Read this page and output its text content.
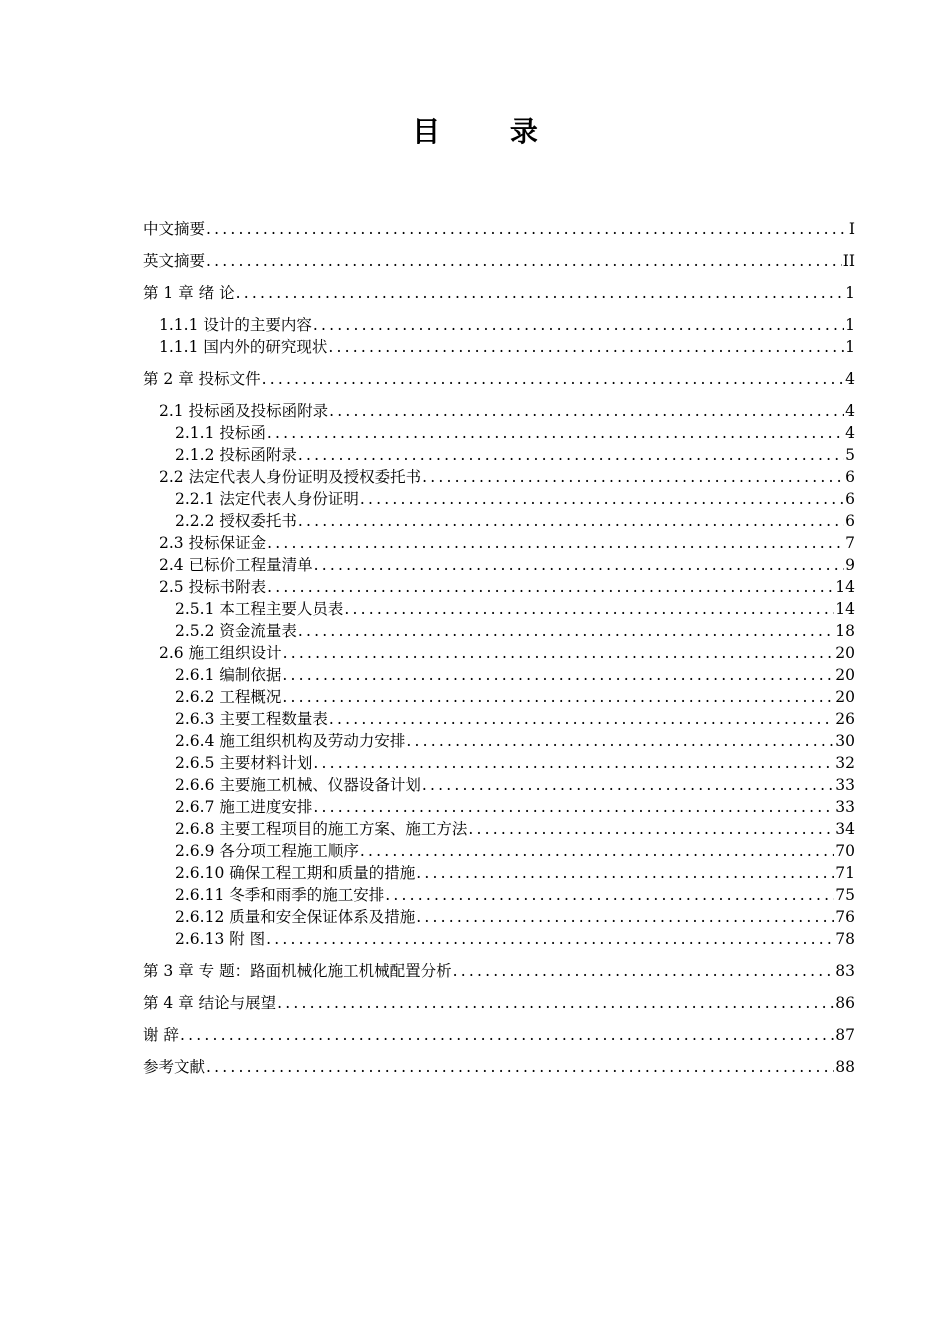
目 录
中文摘要 .....	I
英文摘要 .....	II
第 1 章 绪 论 .....	1
1.1.1 设计的主要内容 .....	1
1.1.1 国内外的研究现状 .....	1
第 2 章 投标文件 .....	4
2.1 投标函及投标函附录 .....	4
2.1.1 投标函 .....	4
2.1.2 投标函附录 .....	5
2.2 法定代表人身份证明及授权委托书 .....	6
2.2.1 法定代表人身份证明 .....	6
2.2.2 授权委托书 .....	6
2.3 投标保证金 .....	7
2.4 已标价工程量清单 .....	9
2.5 投标书附表 .....	14
2.5.1 本工程主要人员表 .....	14
2.5.2 资金流量表 .....	18
2.6 施工组织设计 .....	20
2.6.1 编制依据 .....	20
2.6.2 工程概况 .....	20
2.6.3 主要工程数量表 .....	26
2.6.4 施工组织机构及劳动力安排 .....	30
2.6.5 主要材料计划 .....	32
2.6.6 主要施工机械、仪器设备计划 .....	33
2.6.7 施工进度安排 .....	33
2.6.8 主要工程项目的施工方案、施工方法 .....	34
2.6.9 各分项工程施工顺序 .....	70
2.6.10 确保工程工期和质量的措施 .....	71
2.6.11 冬季和雨季的施工安排 .....	75
2.6.12 质量和安全保证体系及措施 .....	76
2.6.13 附 图 .....	78
第 3 章 专 题：路面机械化施工机械配置分析 .....	83
第 4 章 结论与展望 .....	86
谢 辞 .....	87
参考文献 .....	88
